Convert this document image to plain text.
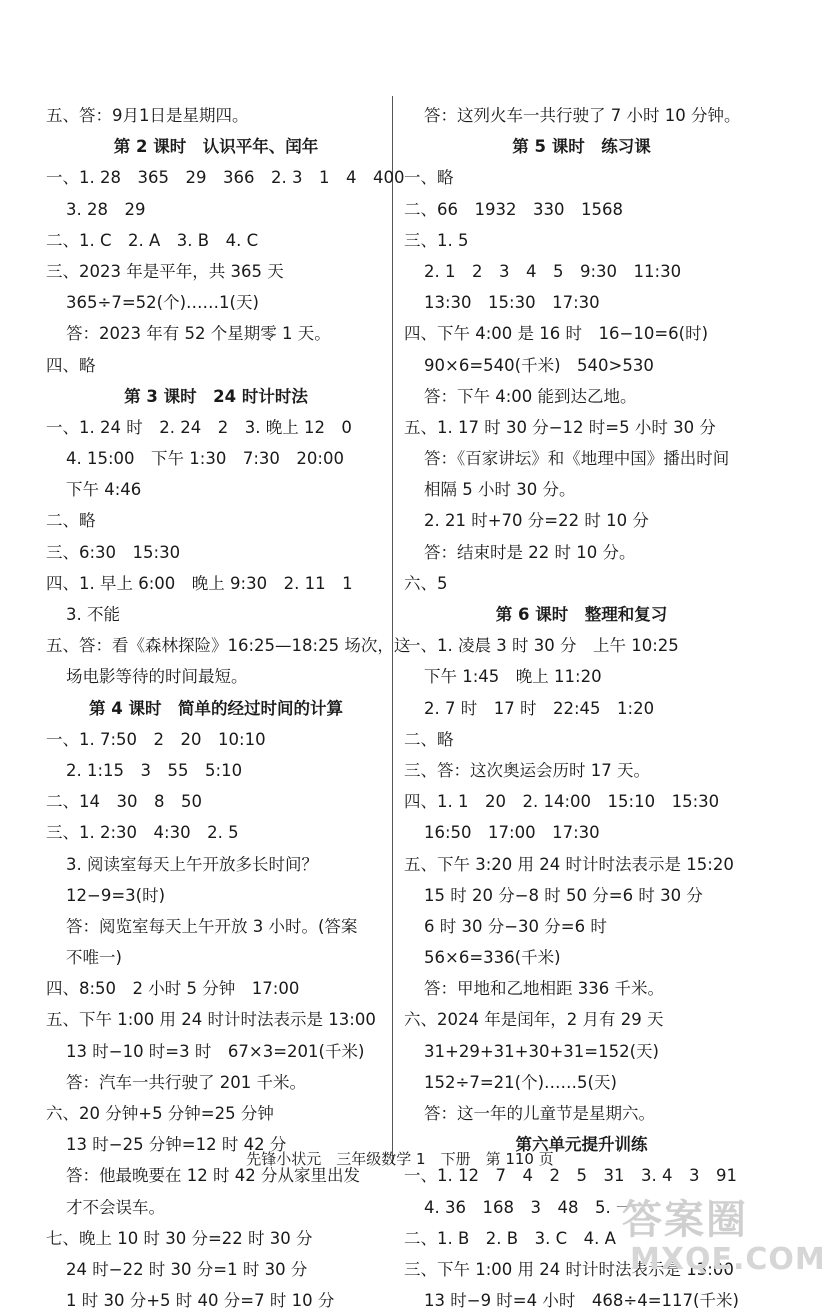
五、答：9月1日是星期四。
第 2 课时　认识平年、闰年
一、1. 28　365　29　366　2. 3　1　4　400
3. 28　29
二、1. C　2. A　3. B　4. C
三、2023 年是平年，共 365 天
365÷7=52(个)……1(天)
答：2023 年有 52 个星期零 1 天。
四、略
第 3 课时　24 时计时法
一、1. 24 时　2. 24　2　3. 晚上 12　0
4. 15:00　下午 1:30　7:30　20:00
下午 4:46
二、略
三、6:30　15:30
四、1. 早上 6:00　晚上 9:30　2. 11　1
3. 不能
五、答：看《森林探险》16:25—18:25 场次，这
场电影等待的时间最短。
第 4 课时　简单的经过时间的计算
一、1. 7:50　2　20　10:10
2. 1:15　3　55　5:10
二、14　30　8　50
三、1. 2:30　4:30　2. 5
3. 阅读室每天上午开放多长时间？
12−9=3(时)
答：阅览室每天上午开放 3 小时。(答案
不唯一)
四、8:50　2 小时 5 分钟　17:00
五、下午 1:00 用 24 时计时法表示是 13:00
13 时−10 时=3 时　67×3=201(千米)
答：汽车一共行驶了 201 千米。
六、20 分钟+5 分钟=25 分钟
13 时−25 分钟=12 时 42 分
答：他最晚要在 12 时 42 分从家里出发
才不会误车。
七、晚上 10 时 30 分=22 时 30 分
24 时−22 时 30 分=1 时 30 分
1 时 30 分+5 时 40 分=7 时 10 分
答：这列火车一共行驶了 7 小时 10 分钟。
第 5 课时　练习课
一、略
二、66　1932　330　1568
三、1. 5
2. 1　2　3　4　5　9:30　11:30
13:30　15:30　17:30
四、下午 4:00 是 16 时　16−10=6(时)
90×6=540(千米)　540>530
答：下午 4:00 能到达乙地。
五、1. 17 时 30 分−12 时=5 小时 30 分
答：《百家讲坛》和《地理中国》播出时间
相隔 5 小时 30 分。
2. 21 时+70 分=22 时 10 分
答：结束时是 22 时 10 分。
六、5
第 6 课时　整理和复习
一、1. 凌晨 3 时 30 分　上午 10:25
下午 1:45　晚上 11:20
2. 7 时　17 时　22:45　1:20
二、略
三、答：这次奥运会历时 17 天。
四、1. 1　20　2. 14:00　15:10　15:30
16:50　17:00　17:30
五、下午 3:20 用 24 时计时法表示是 15:20
15 时 20 分−8 时 50 分=6 时 30 分
6 时 30 分−30 分=6 时
56×6=336(千米)
答：甲地和乙地相距 336 千米。
六、2024 年是闰年，2 月有 29 天
31+29+31+30+31=152(天)
152÷7=21(个)……5(天)
答：这一年的儿童节是星期六。
第六单元提升训练
一、1. 12　7　4　2　5　31　3. 4　3　91
4. 36　168　3　48　5. 一
二、1. B　2. B　3. C　4. A
三、下午 1:00 用 24 时计时法表示是 13:00
13 时−9 时=4 小时　468÷4=117(千米)
先锋小状元　三年级数学 1　下册　第 110 页
答案圈
MXQE.COM
